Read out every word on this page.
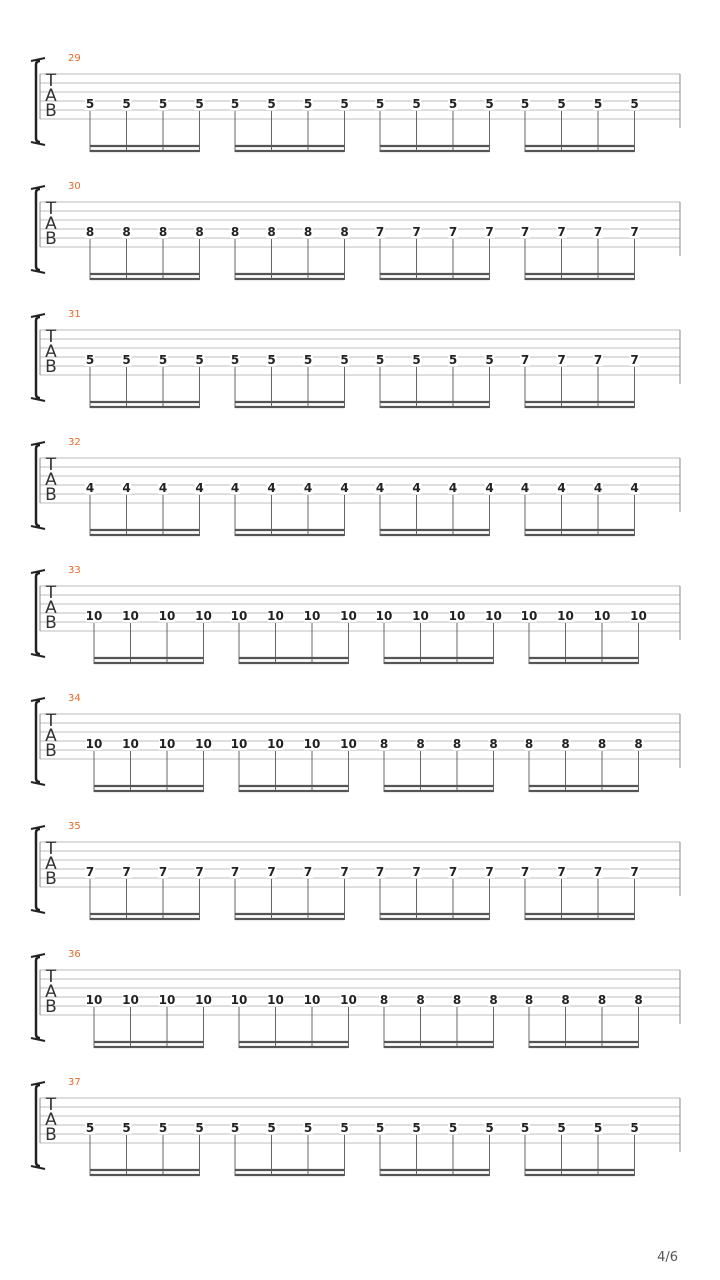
T
A
B
29
5 5 5 5 5 5 5 5 5 5 5 5 5 5 5 5
T
A
B
30
8 8 8 8 8 8 8 8 7 7 7 7 7 7 7 7
T
A
B
31
5 5 5 5 5 5 5 5 5 5 5 5 7 7 7 7
T
A
B
32
4 4 4 4 4 4 4 4 4 4 4 4 4 4 4 4
T
A
B
33
10 10 10 10 10 10 10 10 10 10 10 10 10 10 10 10
T
A
B
34
10 10 10 10 10 10 10 10 8 8 8 8 8 8 8 8
T
A
B
35
7 7 7 7 7 7 7 7 7 7 7 7 7 7 7 7
T
A
B
36
10 10 10 10 10 10 10 10 8 8 8 8 8 8 8 8
T
A
B
37
5 5 5 5 5 5 5 5 5 5 5 5 5 5 5 5
4/6
